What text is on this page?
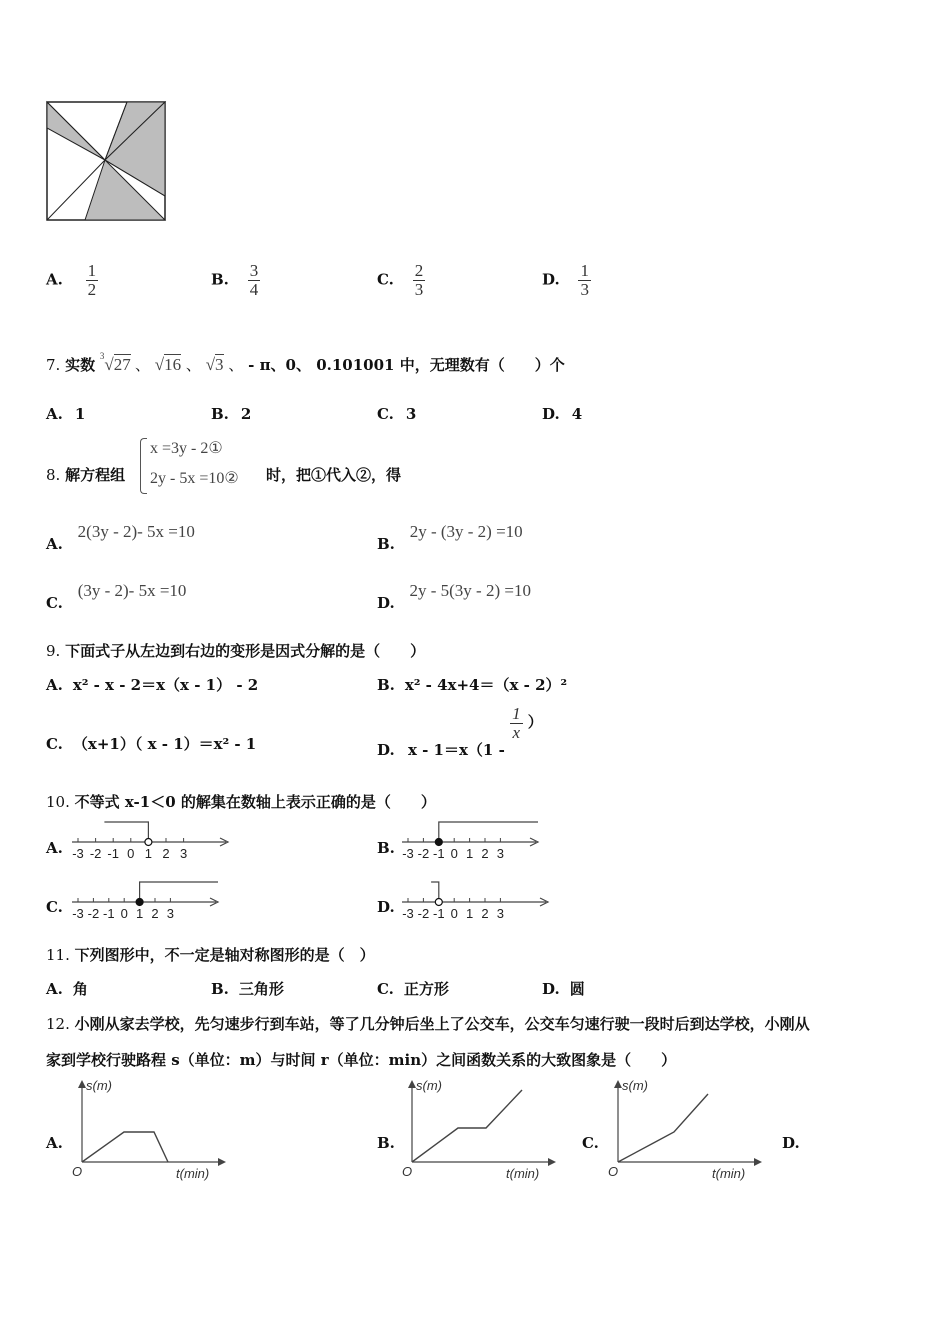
A. $\frac{1}{2}$	B. $\frac{3}{4}$	C. $\frac{2}{3}$	D. $\frac{1}{3}$
7. 实数 $^3$√27 、 √16 、 √3 、 - π、0、 0.101001 中，无理数有（　　）个
A. 1	B. 2	C. 3	D. 4
8. 解方程组
x =3y - 2①
2y - 5x =10② 时，把①代入②，得
A. 2(3y - 2)- 5x =10
B. 2y - (3y - 2) =10
C. (3y - 2)- 5x =10
D. 2y - 5(3y - 2) =10
9. 下面式子从左边到右边的变形是因式分解的是（　　）
A. x² - x - 2＝x（x - 1） - 2	B. x² - 4x+4＝（x - 2）²
C. （x+1）（ x - 1）＝x² - 1	D. x - 1＝x（1 -
$\frac{1}{x}$ ）
10. 不等式 x-1＜0 的解集在数轴上表示正确的是（　　）
A. -3 -2 -1 0 1 2 3	B. -3 -2 -1 0 1 2 3
C. -3 -2 -1 0 1 2 3	D. -3 -2 -1 0 1 2 3
11. 下列图形中，不一定是轴对称图形的是（　）
A. 角	B. 三角形	C. 正方形	D. 圆
12. 小刚从家去学校，先匀速步行到车站，等了几分钟后坐上了公交车，公交车匀速行驶一段时后到达学校，小刚从
家到学校行驶路程 s（单位：m）与时间 r（单位：min）之间函数关系的大致图象是（　　）
A.
s(m)
t(min)
O
B.
s(m)
t(min)
O
C.
s(m)
t(min)
O
D.
